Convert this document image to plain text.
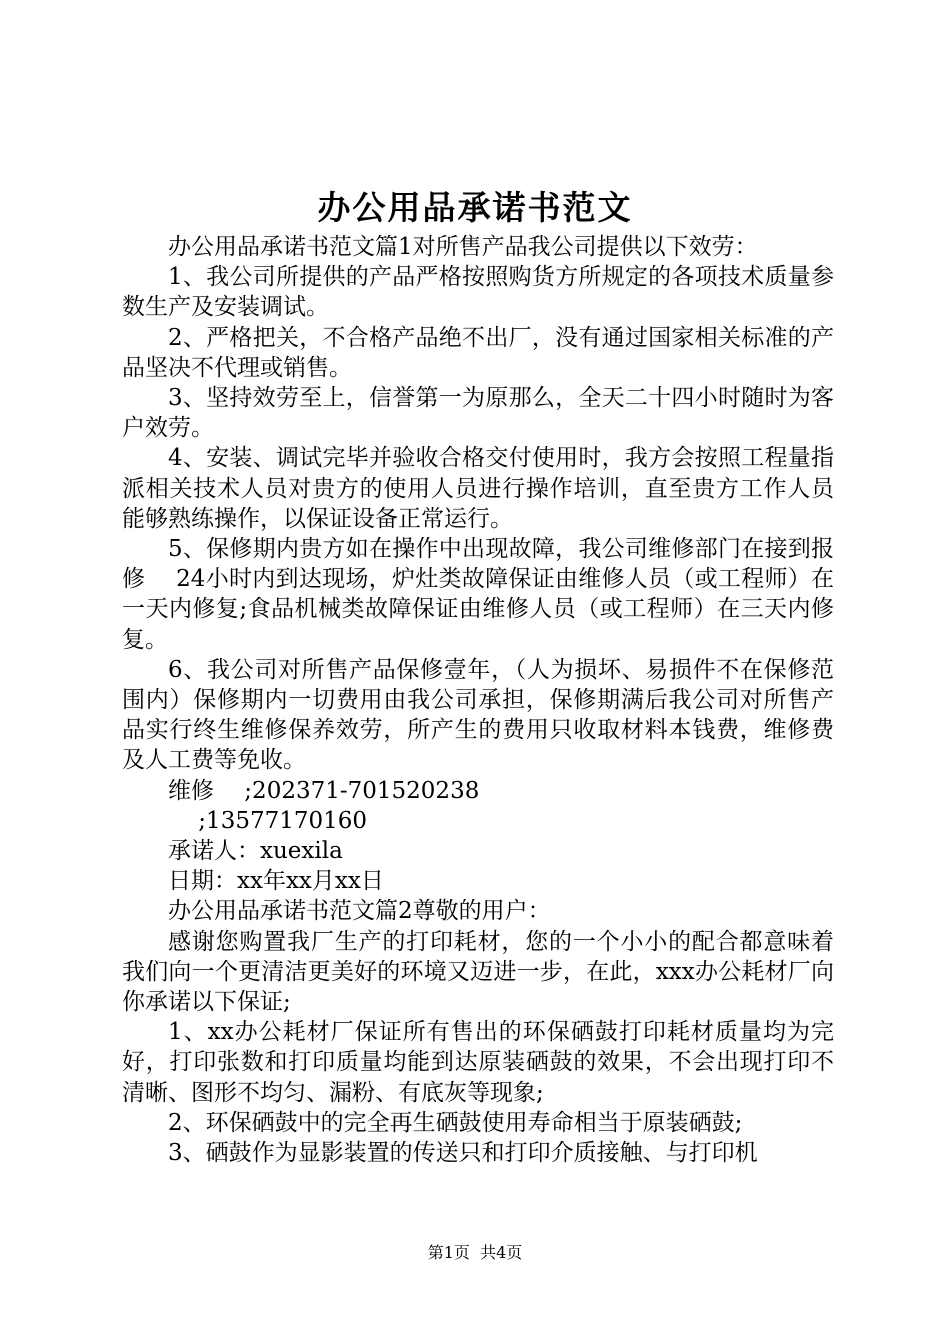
办公用品承诺书范文

办公用品承诺书范文篇1对所售产品我公司提供以下效劳：

1、我公司所提供的产品严格按照购货方所规定的各项技术质量参数生产及安装调试。

2、严格把关，不合格产品绝不出厂，没有通过国家相关标准的产品坚决不代理或销售。

3、坚持效劳至上，信誉第一为原那么，全天二十四小时随时为客户效劳。

4、安装、调试完毕并验收合格交付使用时，我方会按照工程量指派相关技术人员对贵方的使用人员进行操作培训，直至贵方工作人员能够熟练操作，以保证设备正常运行。

5、保修期内贵方如在操作中出现故障，我公司维修部门在接到报修　 24小时内到达现场，炉灶类故障保证由维修人员（或工程师）在一天内修复;食品机械类故障保证由维修人员（或工程师）在三天内修复。

6、我公司对所售产品保修壹年，（人为损坏、易损件不在保修范围内）保修期内一切费用由我公司承担，保修期满后我公司对所售产品实行终生维修保养效劳，所产生的费用只收取材料本钱费，维修费及人工费等免收。

维修　 ;202371-701520238

　 ;13577170160

承诺人：xuexila

日期：xx年xx月xx日

办公用品承诺书范文篇2尊敬的用户：

感谢您购置我厂生产的打印耗材，您的一个小小的配合都意味着我们向一个更清洁更美好的环境又迈进一步，在此，xxx办公耗材厂向你承诺以下保证;

1、xx办公耗材厂保证所有售出的环保硒鼓打印耗材质量均为完好，打印张数和打印质量均能到达原装硒鼓的效果，不会出现打印不清晰、图形不均匀、漏粉、有底灰等现象;

2、环保硒鼓中的完全再生硒鼓使用寿命相当于原装硒鼓;

3、硒鼓作为显影装置的传送只和打印介质接触、与打印机

第1页  共4页
